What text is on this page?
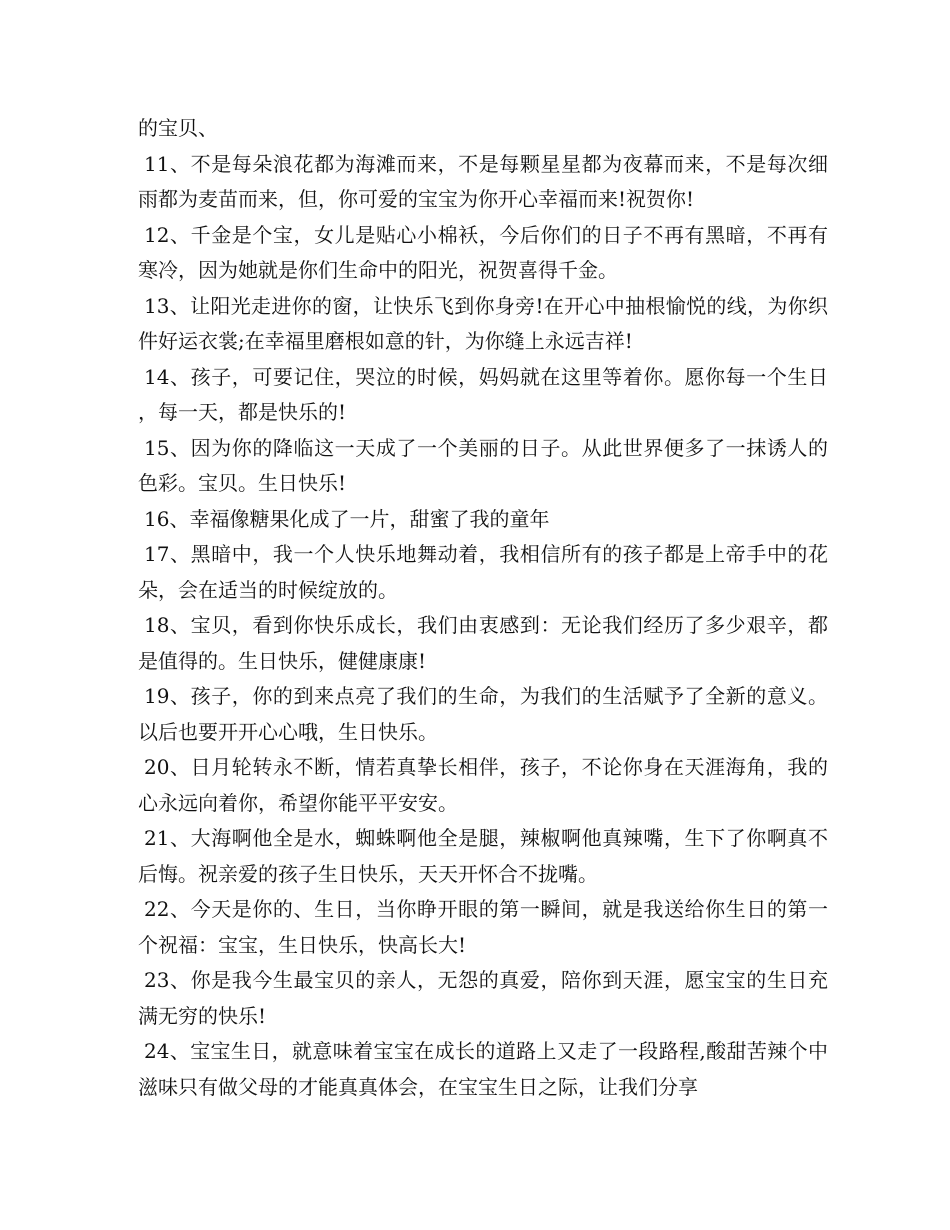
的宝贝、

11、不是每朵浪花都为海滩而来，不是每颗星星都为夜幕而来，不是每次细雨都为麦苗而来，但，你可爱的宝宝为你开心幸福而来!祝贺你!

12、千金是个宝，女儿是贴心小棉袄，今后你们的日子不再有黑暗，不再有寒冷，因为她就是你们生命中的阳光，祝贺喜得千金。

13、让阳光走进你的窗，让快乐飞到你身旁!在开心中抽根愉悦的线，为你织件好运衣裳;在幸福里磨根如意的针，为你缝上永远吉祥!

14、孩子，可要记住，哭泣的时候，妈妈就在这里等着你。愿你每一个生日，每一天，都是快乐的!

15、因为你的降临这一天成了一个美丽的日子。从此世界便多了一抹诱人的色彩。宝贝。生日快乐!

16、幸福像糖果化成了一片，甜蜜了我的童年

17、黑暗中，我一个人快乐地舞动着，我相信所有的孩子都是上帝手中的花朵，会在适当的时候绽放的。

18、宝贝，看到你快乐成长，我们由衷感到：无论我们经历了多少艰辛，都是值得的。生日快乐，健健康康!

19、孩子，你的到来点亮了我们的生命，为我们的生活赋予了全新的意义。以后也要开开心心哦，生日快乐。

20、日月轮转永不断，情若真挚长相伴，孩子，不论你身在天涯海角，我的心永远向着你，希望你能平平安安。

21、大海啊他全是水，蜘蛛啊他全是腿，辣椒啊他真辣嘴，生下了你啊真不后悔。祝亲爱的孩子生日快乐，天天开怀合不拢嘴。

22、今天是你的、生日，当你睁开眼的第一瞬间，就是我送给你生日的第一个祝福：宝宝，生日快乐，快高长大!

23、你是我今生最宝贝的亲人，无怨的真爱，陪你到天涯，愿宝宝的生日充满无穷的快乐!

24、宝宝生日，就意味着宝宝在成长的道路上又走了一段路程,酸甜苦辣个中滋味只有做父母的才能真真体会，在宝宝生日之际，让我们分享
